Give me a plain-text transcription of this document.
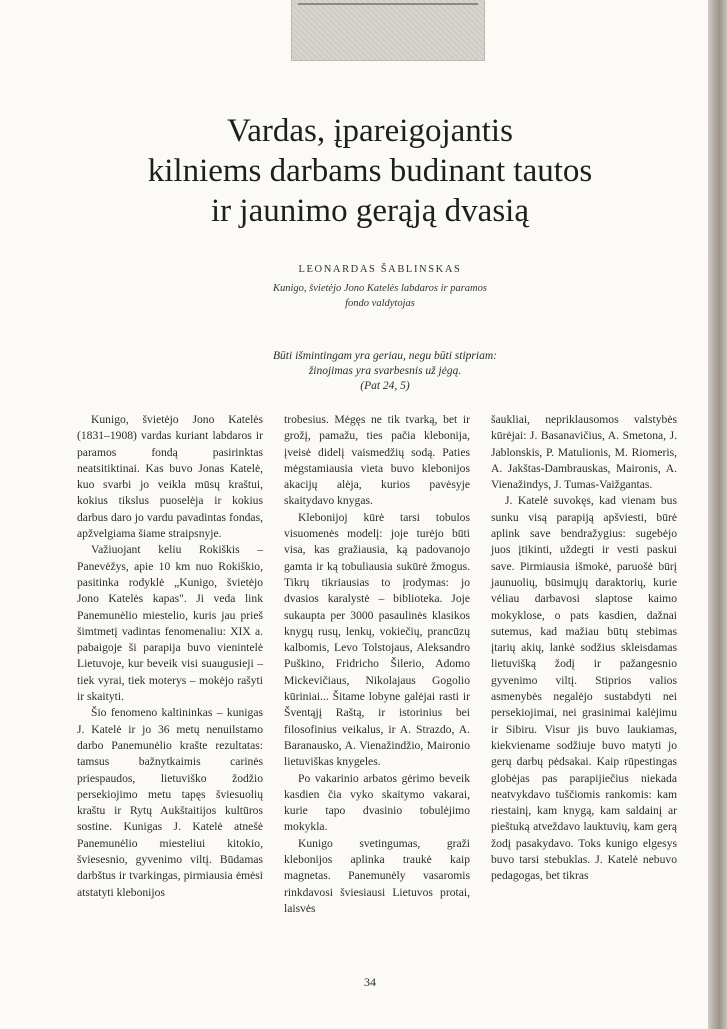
Vardas, įpareigojantis
kilniems darbams budinant tautos
ir jaunimo gerąją dvasią

LEONARDAS ŠABLINSKAS

Kunigo, švietėjo Jono Katelės labdaros ir paramos fondo valdytojas

Būti išmintingam yra geriau, negu būti stipriam:
žinojimas yra svarbesnis už jėgą.
(Pat 24, 5)

Kunigo, švietėjo Jono Katelės (1831–1908) vardas kuriant labdaros ir paramos fondą pasirinktas neatsitiktinai. Kas buvo Jonas Katelė, kuo svarbi jo veikla mūsų kraštui, kokius tikslus puoselėja ir kokius darbus daro jo vardu pavadintas fondas, apžvelgiama šiame straipsnyje.

Važiuojant keliu Rokiškis – Panevėžys, apie 10 km nuo Rokiškio, pasitinka rodyklė „Kunigo, švietėjo Jono Katelės kapas". Ji veda link Panemunėlio miestelio, kuris jau prieš šimtmetį vadintas fenomenaliu: XIX a. pabaigoje ši parapija buvo vienintelė Lietuvoje, kur beveik visi suaugusieji – tiek vyrai, tiek moterys – mokėjo rašyti ir skaityti.

Šio fenomeno kaltininkas – kunigas J. Katelė ir jo 36 metų nenuilstamo darbo Panemunėlio krašte rezultatas: tamsus bažnytkaimis carinės priespaudos, lietuviško žodžio persekiojimo metu tapęs šviesuolių kraštu ir Rytų Aukštaitijos kultūros sostine. Kunigas J. Katelė atnešė Panemunėlio miesteliui kitokio, šviesesnio, gyvenimo viltį. Būdamas darbštus ir tvarkingas, pirmiausia ėmėsi atstatyti klebonijos

trobesius. Mėgęs ne tik tvarką, bet ir grožį, pamažu, ties pačia klebonija, įveisė didelį vaismedžių sodą. Paties mėgstamiausia vieta buvo klebonijos akacijų alėja, kurios pavėsyje skaitydavo knygas.

Klebonijoj kūrė tarsi tobulos visuomenės modelį: joje turėjo būti visa, kas gražiausia, ką padovanojo gamta ir ką tobuliausia sukūrė žmogus. Tikrų tikriausias to įrodymas: jo dvasios karalystė – biblioteka. Joje sukaupta per 3000 pasaulinės klasikos knygų rusų, lenkų, vokiečių, prancūzų kalbomis, Levo Tolstojaus, Aleksandro Puškino, Fridricho Šilerio, Adomo Mickevičiaus, Nikolajaus Gogolio kūriniai... Šitame lobyne galėjai rasti ir Šventąjį Raštą, ir istorinius bei filosofinius veikalus, ir A. Strazdo, A. Baranausko, A. Vienažindžio, Maironio lietuviškas knygeles.

Po vakarinio arbatos gėrimo beveik kasdien čia vyko skaitymo vakarai, kurie tapo dvasinio tobulėjimo mokykla.

Kunigo svetingumas, graži klebonijos aplinka traukė kaip magnetas. Panemunėly vasaromis rinkdavosi šviesiausi Lietuvos protai, laisvės

šaukliai, nepriklausomos valstybės kūrėjai: J. Basanavičius, A. Smetona, J. Jablonskis, P. Matulionis, M. Riomeris, A. Jakštas-Dambrauskas, Maironis, A. Vienažindys, J. Tumas-Vaižgantas.

J. Katelė suvokęs, kad vienam bus sunku visą parapiją apšviesti, būrė aplink save bendražygius: sugebėjo juos įtikinti, uždegti ir vesti paskui save. Pirmiausia išmokė, paruošė būrį jaunuolių, būsimųjų daraktorių, kurie vėliau darbavosi slaptose kaimo mokyklose, o pats kasdien, dažnai sutemus, kad mažiau būtų stebimas įtarių akių, lankė sodžius skleisdamas lietuvišką žodį ir pažangesnio gyvenimo viltį. Stiprios valios asmenybės negalėjo sustabdyti nei persekiojimai, nei grasinimai kalėjimu ir Sibiru. Visur jis buvo laukiamas, kiekviename sodžiuje buvo matyti jo gerų darbų pėdsakai. Kaip rūpestingas globėjas pas parapijiečius niekada neatvykdavo tuščiomis rankomis: kam riestainį, kam knygą, kam saldainį ar pieštuką atveždavo lauktuvių, kam gerą žodį pasakydavo. Toks kunigo elgesys buvo tarsi stebuklas. J. Katelė nebuvo pedagogas, bet tikras

34
